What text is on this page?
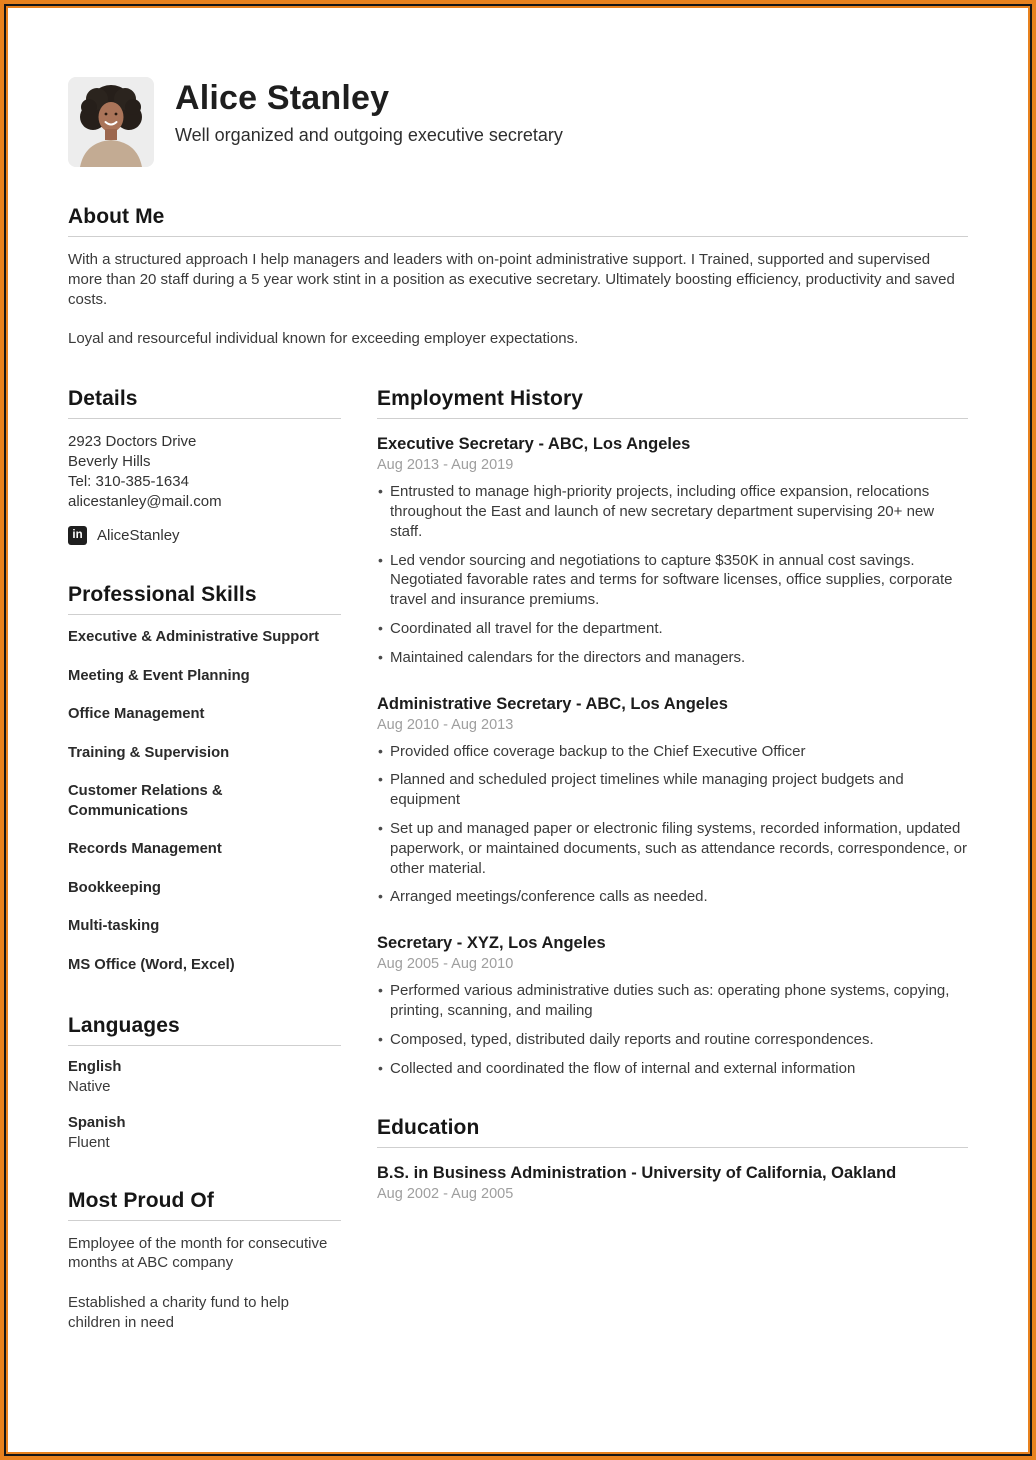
Alice Stanley
Well organized and outgoing executive secretary
About Me

With a structured approach I help managers and leaders with on-point administrative support. I Trained, supported and supervised more than 20 staff during a 5 year work stint in a position as executive secretary. Ultimately boosting efficiency, productivity and saved costs.

Loyal and resourceful individual known for exceeding employer expectations.

Details
2923 Doctors Drive
Beverly Hills
Tel: 310-385-1634
alicestanley@mail.com
in AliceStanley
Professional Skills
Executive & Administrative Support
Meeting & Event Planning
Office Management
Training & Supervision
Customer Relations & Communications
Records Management
Bookkeeping
Multi-tasking
MS Office (Word, Excel)
Languages
English
Native
Spanish
Fluent
Most Proud Of

Employee of the month for consecutive months at ABC company

Established a charity fund to help children in need

Employment History
Executive Secretary - ABC, Los Angeles
Aug 2013 - Aug 2019
• Entrusted to manage high-priority projects, including office expansion, relocations throughout the East and launch of new secretary department supervising 20+ new staff.
• Led vendor sourcing and negotiations to capture $350K in annual cost savings. Negotiated favorable rates and terms for software licenses, office supplies, corporate travel and insurance premiums.
• Coordinated all travel for the department.
• Maintained calendars for the directors and managers.
Administrative Secretary - ABC, Los Angeles
Aug 2010 - Aug 2013
• Provided office coverage backup to the Chief Executive Officer
• Planned and scheduled project timelines while managing project budgets and equipment
• Set up and managed paper or electronic filing systems, recorded information, updated paperwork, or maintained documents, such as attendance records, correspondence, or other material.
• Arranged meetings/conference calls as needed.
Secretary - XYZ, Los Angeles
Aug 2005 - Aug 2010
• Performed various administrative duties such as: operating phone systems, copying, printing, scanning, and mailing
• Composed, typed, distributed daily reports and routine correspondences.
• Collected and coordinated the flow of internal and external information
Education
B.S. in Business Administration - University of California, Oakland
Aug 2002 - Aug 2005
